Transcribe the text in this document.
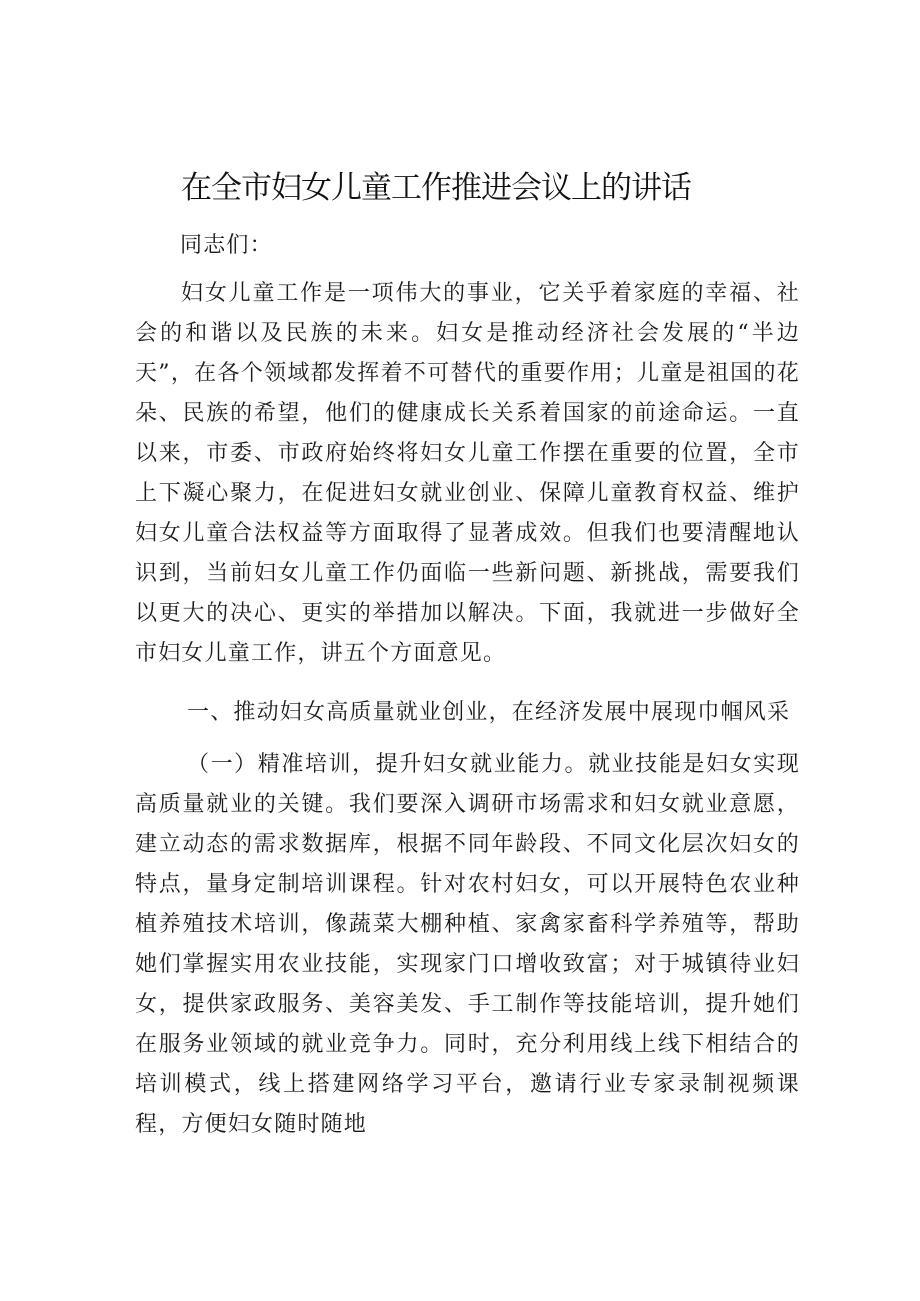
在全市妇女儿童工作推进会议上的讲话

同志们：

妇女儿童工作是一项伟大的事业，它关乎着家庭的幸福、社会的和谐以及民族的未来。妇女是推动经济社会发展的“半边天”，在各个领域都发挥着不可替代的重要作用；儿童是祖国的花朵、民族的希望，他们的健康成长关系着国家的前途命运。一直以来，市委、市政府始终将妇女儿童工作摆在重要的位置，全市上下凝心聚力，在促进妇女就业创业、保障儿童教育权益、维护妇女儿童合法权益等方面取得了显著成效。但我们也要清醒地认识到，当前妇女儿童工作仍面临一些新问题、新挑战，需要我们以更大的决心、更实的举措加以解决。下面，我就进一步做好全市妇女儿童工作，讲五个方面意见。

一、推动妇女高质量就业创业，在经济发展中展现巾帼风采

（一）精准培训，提升妇女就业能力。就业技能是妇女实现高质量就业的关键。我们要深入调研市场需求和妇女就业意愿，建立动态的需求数据库，根据不同年龄段、不同文化层次妇女的特点，量身定制培训课程。针对农村妇女，可以开展特色农业种植养殖技术培训，像蔬菜大棚种植、家禽家畜科学养殖等，帮助她们掌握实用农业技能，实现家门口增收致富；对于城镇待业妇女，提供家政服务、美容美发、手工制作等技能培训，提升她们在服务业领域的就业竞争力。同时，充分利用线上线下相结合的培训模式，线上搭建网络学习平台，邀请行业专家录制视频课程，方便妇女随时随地
